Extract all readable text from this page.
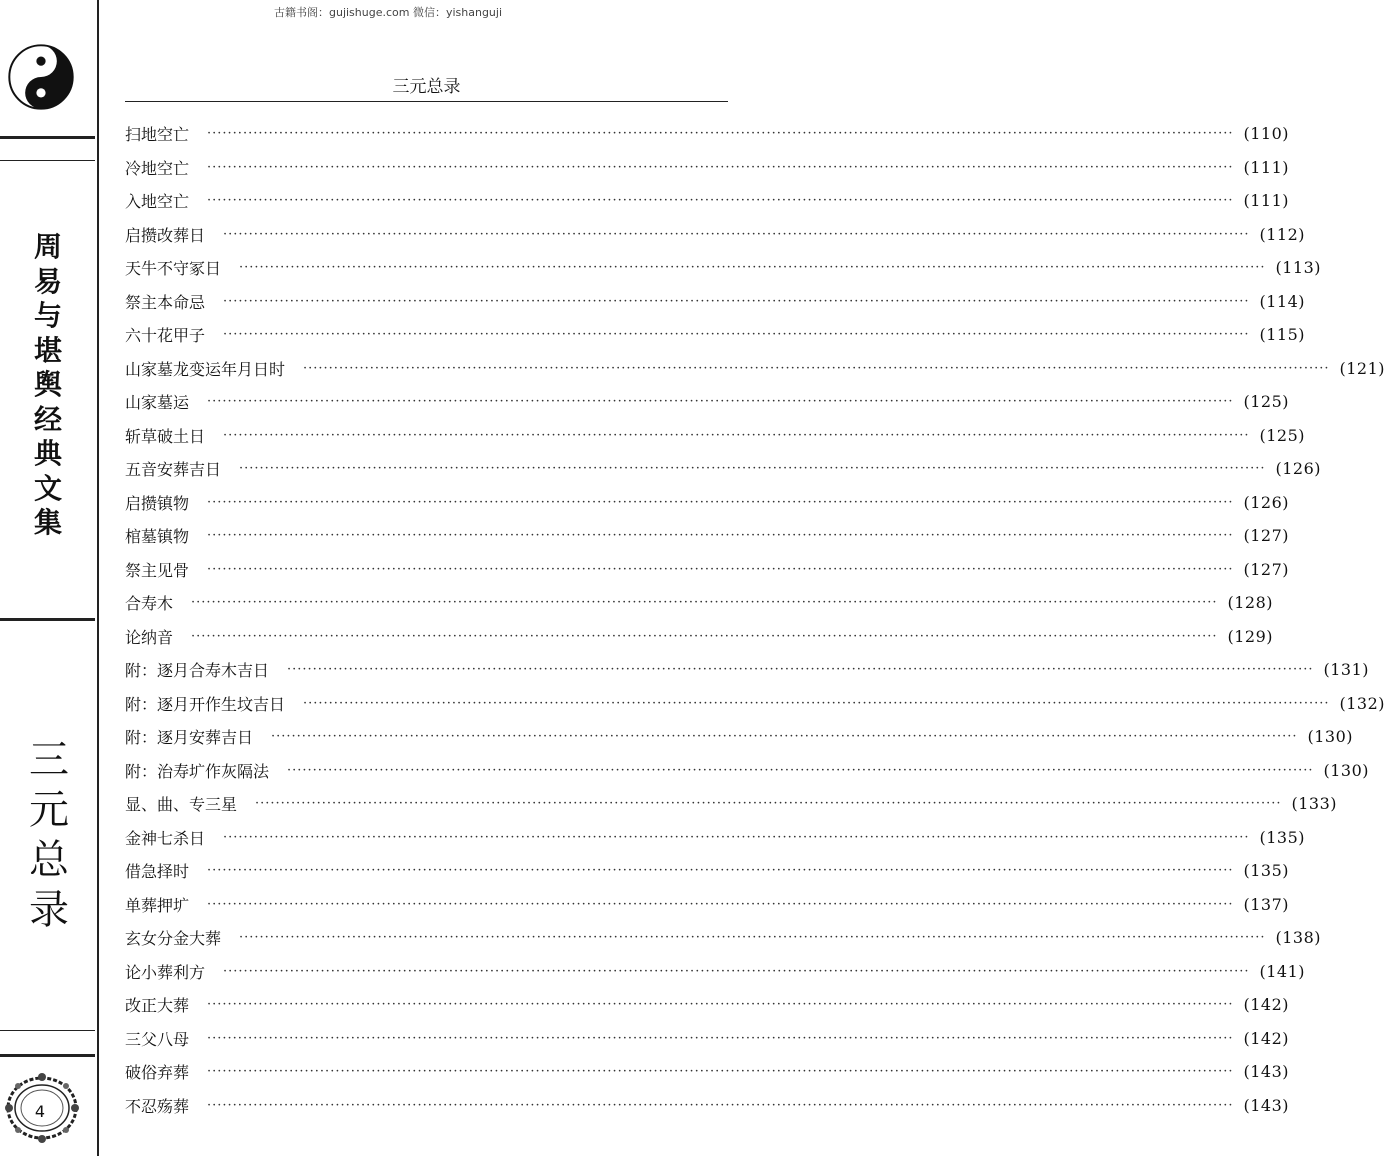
古籍书阁：gujishuge.com 微信：yishanguji
周
易
与
堪
舆
经
典
文
集
三
元
总
录
4
三元总录
扫地空亡 ········································································································································································································ (110)
冷地空亡 ········································································································································································································ (111)
入地空亡 ········································································································································································································ (111)
启攒改葬日 ········································································································································································································ (112)
天牛不守冢日 ········································································································································································································ (113)
祭主本命忌 ········································································································································································································ (114)
六十花甲子 ········································································································································································································ (115)
山家墓龙变运年月日时 ········································································································································································································ (121)
山家墓运 ········································································································································································································ (125)
斩草破土日 ········································································································································································································ (125)
五音安葬吉日 ········································································································································································································ (126)
启攒镇物 ········································································································································································································ (126)
棺墓镇物 ········································································································································································································ (127)
祭主见骨 ········································································································································································································ (127)
合寿木 ········································································································································································································ (128)
论纳音 ········································································································································································································ (129)
附：逐月合寿木吉日 ········································································································································································································ (131)
附：逐月开作生坟吉日 ········································································································································································································ (132)
附：逐月安葬吉日 ········································································································································································································ (130)
附：治寿圹作灰隔法 ········································································································································································································ (130)
显、曲、专三星 ········································································································································································································ (133)
金神七杀日 ········································································································································································································ (135)
借急择时 ········································································································································································································ (135)
单葬押圹 ········································································································································································································ (137)
玄女分金大葬 ········································································································································································································ (138)
论小葬利方 ········································································································································································································ (141)
改正大葬 ········································································································································································································ (142)
三父八母 ········································································································································································································ (142)
破俗弃葬 ········································································································································································································ (143)
不忍殇葬 ········································································································································································································ (143)
